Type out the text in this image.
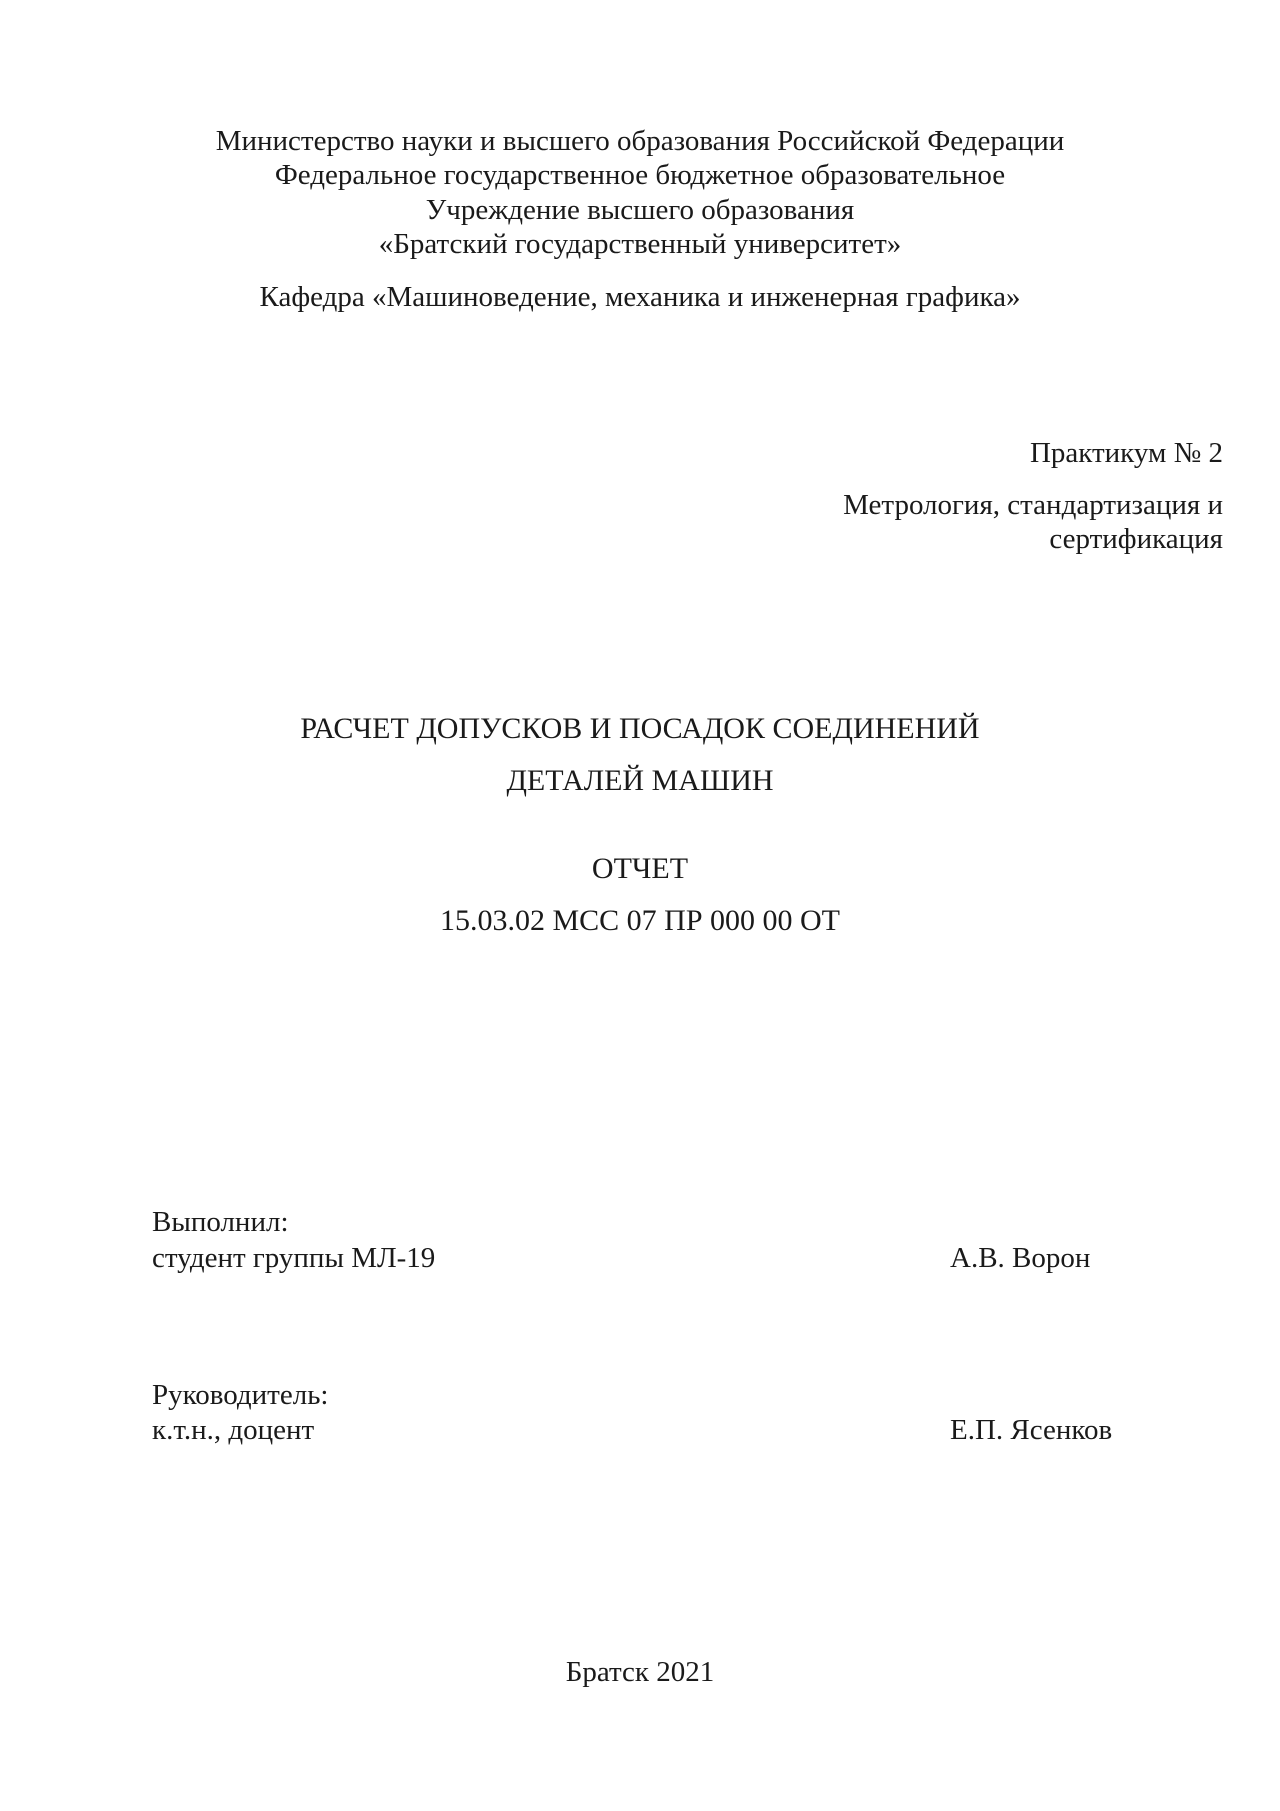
Министерство науки и высшего образования Российской Федерации
Федеральное государственное бюджетное образовательное
Учреждение высшего образования
«Братский государственный университет»
Кафедра «Машиноведение, механика и инженерная графика»
Практикум № 2
Метрология, стандартизация и
сертификация
РАСЧЕТ ДОПУСКОВ И ПОСАДОК СОЕДИНЕНИЙ
ДЕТАЛЕЙ МАШИН
ОТЧЕТ
15.03.02 МСС 07 ПР 000 00 ОТ
Выполнил:
студент группы МЛ-19	А.В. Ворон
Руководитель:
к.т.н., доцент	Е.П. Ясенков
Братск 2021
